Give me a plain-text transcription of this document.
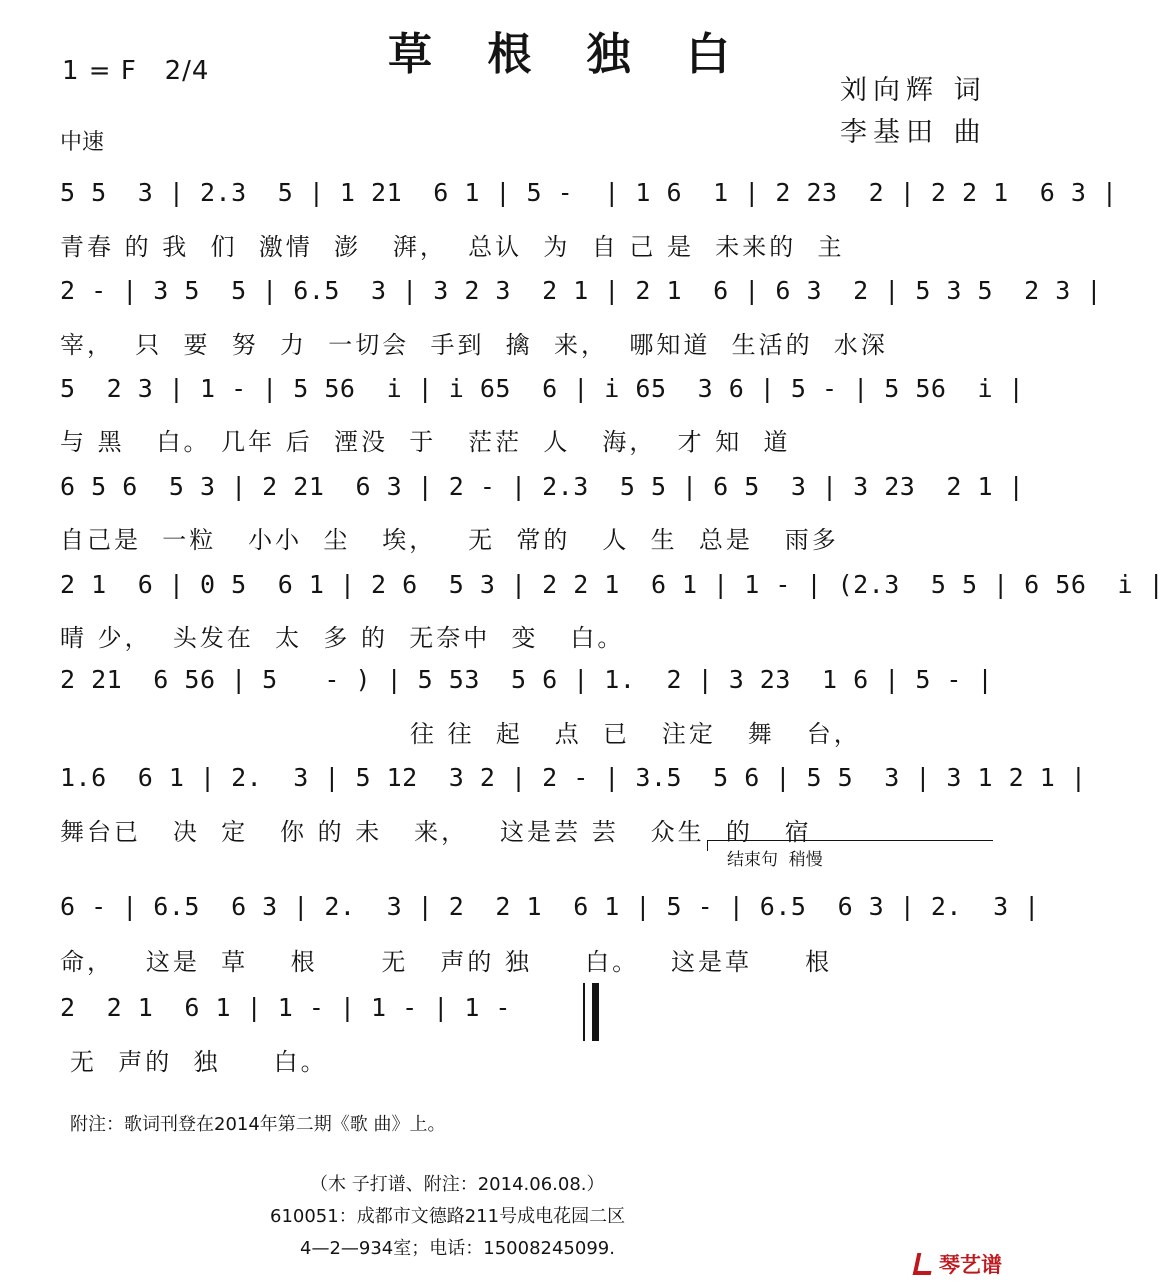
草 根 独 白
1 = F   2/4
中速
刘向辉 词
李基田 曲
5 5  3 | 2.3  5 | 1 21  6 1 | 5 -  | 1 6  1 | 2 23  2 | 2 2 1  6 3 |
青春 的 我  们  激情  澎   湃，  总认  为  自 己 是  未来的  主
2 - | 3 5  5 | 6.5  3 | 3 2 3  2 1 | 2 1  6 | 6 3  2 | 5 3 5  2 3 |
宰，  只  要  努  力  一切会  手到  擒  来，  哪知道  生活的  水深
5  2 3 | 1 - | 5 56  i | i 65  6 | i 65  3 6 | 5 - | 5 56  i |
与 黑   白。 几年 后  湮没  于   茫茫  人   海，  才 知  道
6 5 6  5 3 | 2 21  6 3 | 2 - | 2.3  5 5 | 6 5  3 | 3 23  2 1 |
自己是  一粒   小小  尘   埃，   无  常的   人  生  总是   雨多
2 1  6 | 0 5  6 1 | 2 6  5 3 | 2 2 1  6 1 | 1 - | (2.3  5 5 | 6 56  i |
晴 少，  头发在  太  多 的  无奈中  变   白。
2 21  6 56 | 5   - ) | 5 53  5 6 | 1.  2 | 3 23  1 6 | 5 - |
往 往  起   点  已   注定   舞   台，
1.6  6 1 | 2.  3 | 5 12  3 2 | 2 - | 3.5  5 6 | 5 5  3 | 3 1 2 1 |
舞台已   决  定   你 的 未   来，   这是芸 芸   众生  的   宿
结束句  稍慢
6 - | 6.5  6 3 | 2.  3 | 2  2 1  6 1 | 5 - | 6.5  6 3 | 2.  3 |
命，   这是  草    根      无   声的 独     白。   这是草     根
2  2 1  6 1 | 1 - | 1 - | 1 -
无  声的  独     白。
附注：歌词刊登在2014年第二期《歌 曲》上。
（木 子打谱、附注：2014.06.08.）
610051：成都市文德路211号成电花园二区
4—2—934室；电话：15008245099.
琴艺谱
